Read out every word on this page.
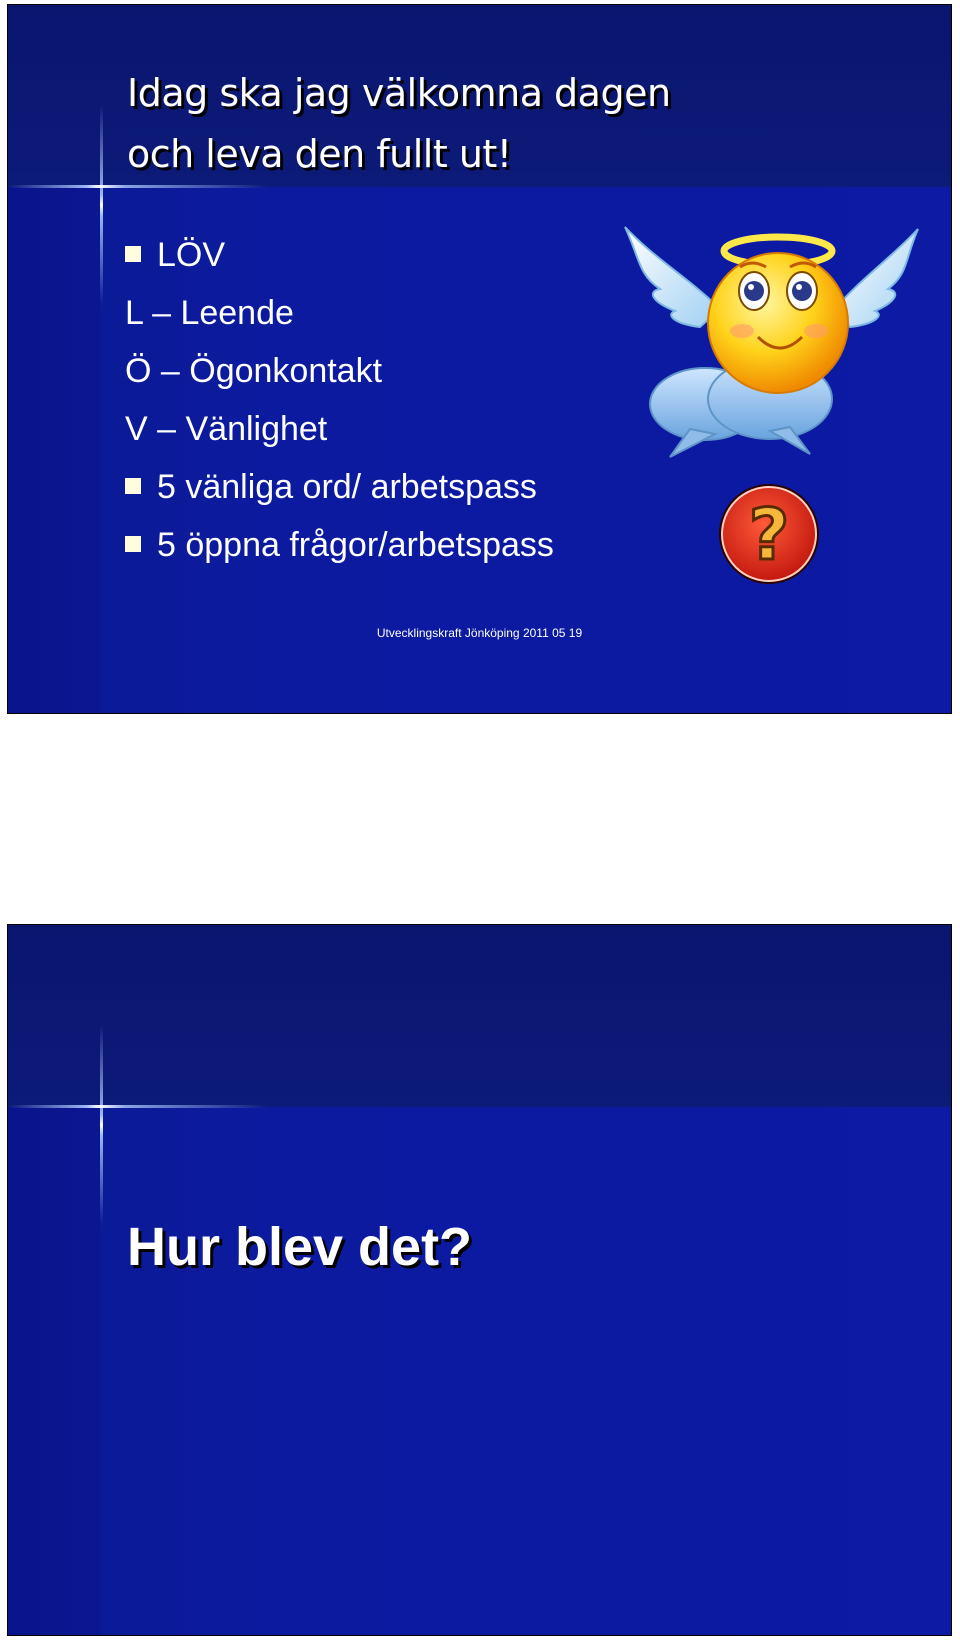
Idag ska jag välkomna dagen
och leva den fullt ut!
LÖV
L – Leende
Ö – Ögonkontakt
V – Vänlighet
5 vänliga ord/ arbetspass
5 öppna frågor/arbetspass	?
Utvecklingskraft Jönköping 2011 05 19
Hur blev det?
